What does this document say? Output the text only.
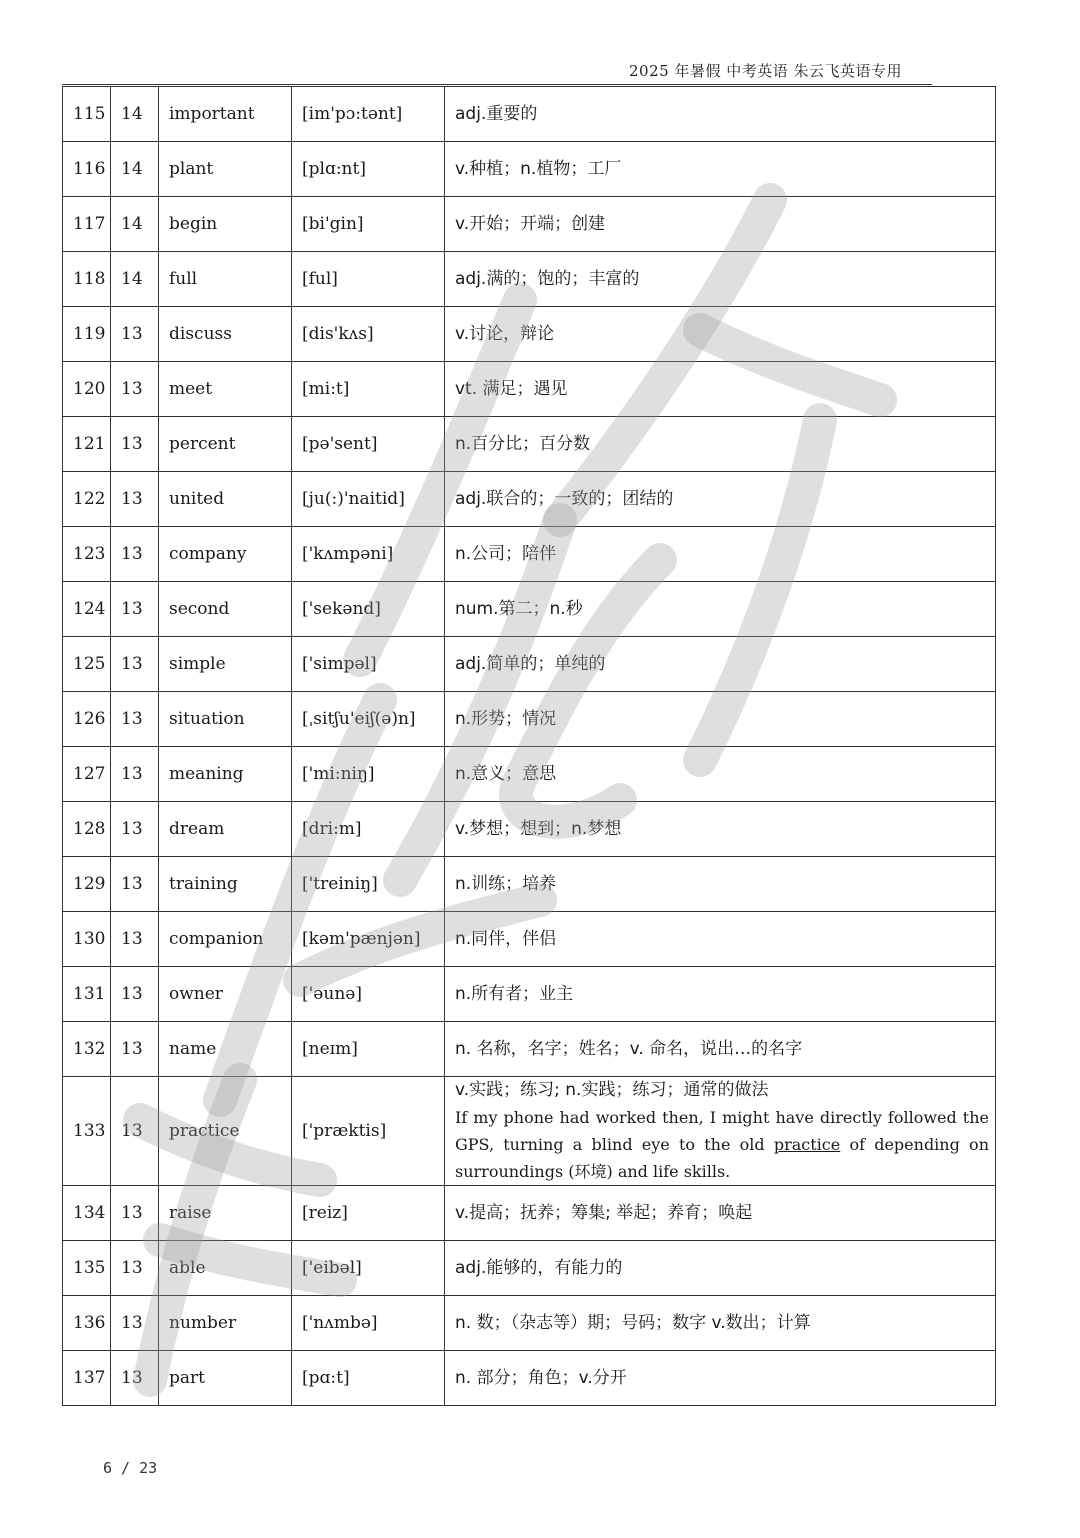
2025 年暑假 中考英语 朱云飞英语专用
115	14	important	[im'pɔ:tənt]	adj.重要的
116	14	plant	[plɑ:nt]	v.种植；n.植物；工厂
117	14	begin	[bi'gin]	v.开始；开端；创建
118	14	full	[ful]	adj.满的；饱的；丰富的
119	13	discuss	[dis'kʌs]	v.讨论，辩论
120	13	meet	[mi:t]	vt. 满足；遇见
121	13	percent	[pə'sent]	n.百分比；百分数
122	13	united	[ju(:)'naitid]	adj.联合的；一致的；团结的
123	13	company	['kʌmpəni]	n.公司；陪伴
124	13	second	['sekənd]	num.第二；n.秒
125	13	simple	['simpəl]	adj.简单的；单纯的
126	13	situation	[ˌsitʃu'eiʃ(ə)n]	n.形势；情况
127	13	meaning	['mi:niŋ]	n.意义；意思
128	13	dream	[dri:m]	v.梦想；想到；n.梦想
129	13	training	['treiniŋ]	n.训练；培养
130	13	companion	[kəm'pænjən]	n.同伴，伴侣
131	13	owner	['əunə]	n.所有者；业主
132	13	name	[neɪm]	n. 名称，名字；姓名；v. 命名，说出…的名字
133	13	practice	['præktis]	v.实践；练习; n.实践；练习；通常的做法
If my phone had worked then, I might have directly followed the GPS, turning a blind eye to the old practice of depending on surroundings (环境) and life skills.

134	13	raise	[reiz]	v.提高；抚养；筹集; 举起；养育；唤起
135	13	able	['eibəl]	adj.能够的，有能力的
136	13	number	['nʌmbə]	n. 数；（杂志等）期；号码；数字 v.数出；计算
137	13	part	[pɑ:t]	n. 部分；角色；v.分开
6 / 23
